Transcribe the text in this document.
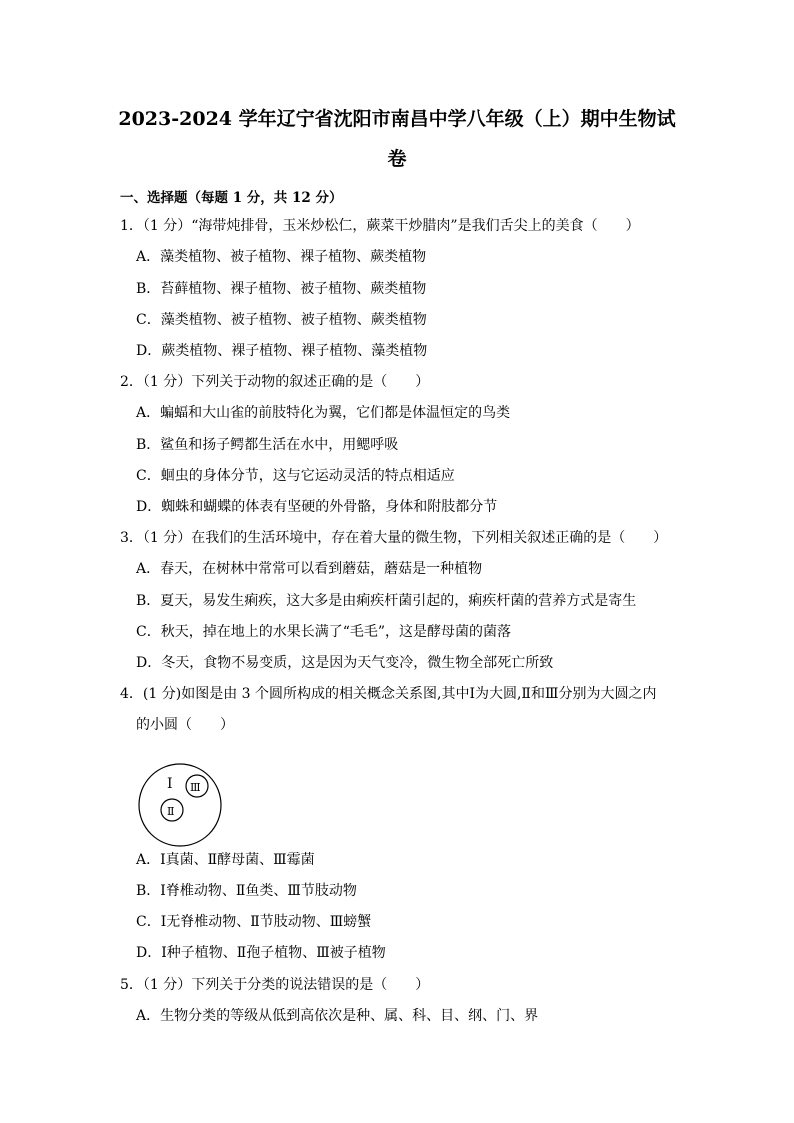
2023-2024 学年辽宁省沈阳市南昌中学八年级（上）期中生物试
卷
一、选择题（每题 1 分，共 12 分）
1．（1 分）“海带炖排骨，玉米炒松仁，蕨菜干炒腊肉”是我们舌尖上的美食（　　）
A．藻类植物、被子植物、裸子植物、蕨类植物
B．苔藓植物、裸子植物、被子植物、蕨类植物
C．藻类植物、被子植物、被子植物、蕨类植物
D．蕨类植物、裸子植物、裸子植物、藻类植物
2．（1 分）下列关于动物的叙述正确的是（　　）
A．蝙蝠和大山雀的前肢特化为翼，它们都是体温恒定的鸟类
B．鲨鱼和扬子鳄都生活在水中，用鳃呼吸
C．蛔虫的身体分节，这与它运动灵活的特点相适应
D．蜘蛛和蝴蝶的体表有坚硬的外骨骼，身体和附肢都分节
3．（1 分）在我们的生活环境中，存在着大量的微生物，下列相关叙述正确的是（　　）
A．春天，在树林中常常可以看到蘑菇，蘑菇是一种植物
B．夏天，易发生痢疾，这大多是由痢疾杆菌引起的，痢疾杆菌的营养方式是寄生
C．秋天，掉在地上的水果长满了“毛毛”，这是酵母菌的菌落
D．冬天，食物不易变质，这是因为天气变冷，微生物全部死亡所致
4．(1 分)如图是由 3 个圆所构成的相关概念关系图,其中Ⅰ为大圆,Ⅱ和Ⅲ分别为大圆之内
的小圆（　　）
Ⅰ Ⅲ
Ⅱ
A．Ⅰ真菌、Ⅱ酵母菌、Ⅲ霉菌
B．Ⅰ脊椎动物、Ⅱ鱼类、Ⅲ节肢动物
C．Ⅰ无脊椎动物、Ⅱ节肢动物、Ⅲ螃蟹
D．Ⅰ种子植物、Ⅱ孢子植物、Ⅲ被子植物
5．（1 分）下列关于分类的说法错误的是（　　）
A．生物分类的等级从低到高依次是种、属、科、目、纲、门、界
